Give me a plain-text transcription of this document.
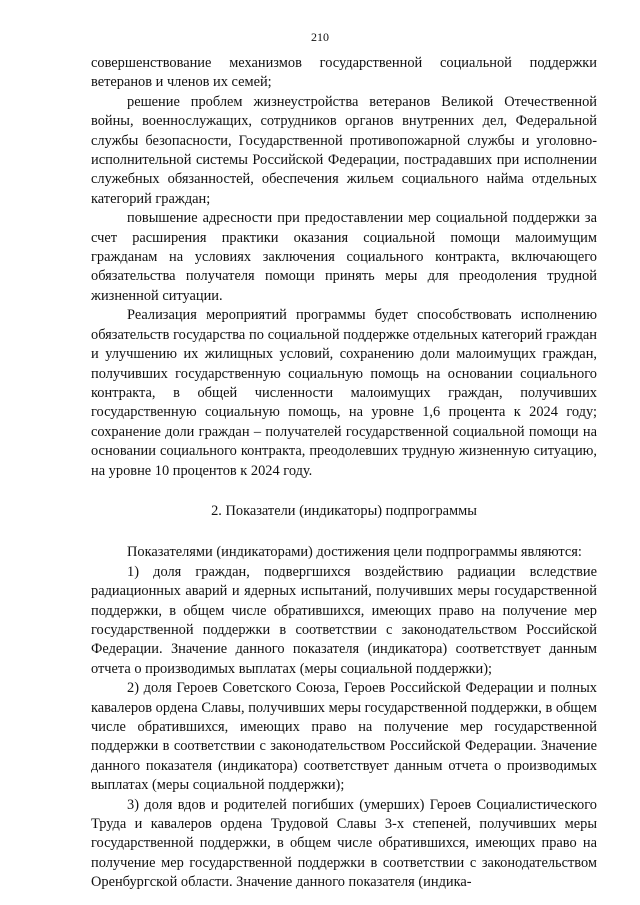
210

совершенствование механизмов государственной социальной поддержки ветеранов и членов их семей;

решение проблем жизнеустройства ветеранов Великой Отечественной войны, военнослужащих, сотрудников органов внутренних дел, Федеральной службы безопасности, Государственной противопожарной службы и уголовно-исполнительной системы Российской Федерации, пострадавших при исполнении служебных обязанностей, обеспечения жильем социального найма отдельных категорий граждан;

повышение адресности при предоставлении мер социальной поддержки за счет расширения практики оказания социальной помощи малоимущим гражданам на условиях заключения социального контракта, включающего обязательства получателя помощи принять меры для преодоления трудной жизненной ситуации.

Реализация мероприятий программы будет способствовать исполнению обязательств государства по социальной поддержке отдельных категорий граждан и улучшению их жилищных условий, сохранению доли малоимущих граждан, получивших государственную социальную помощь на основании социального контракта, в общей численности малоимущих граждан, получивших государственную социальную помощь, на уровне 1,6 процента к 2024 году; сохранение доли граждан – получателей государственной социальной помощи на основании социального контракта, преодолевших трудную жизненную ситуацию, на уровне 10 процентов к 2024 году.

2. Показатели (индикаторы) подпрограммы

Показателями (индикаторами) достижения цели подпрограммы являются:

1) доля граждан, подвергшихся воздействию радиации вследствие радиационных аварий и ядерных испытаний, получивших меры государственной поддержки, в общем числе обратившихся, имеющих право на получение мер государственной поддержки в соответствии с законодательством Российской Федерации. Значение данного показателя (индикатора) соответствует данным отчета о производимых выплатах (меры социальной поддержки);

2) доля Героев Советского Союза, Героев Российской Федерации и полных кавалеров ордена Славы, получивших меры государственной поддержки, в общем числе обратившихся, имеющих право на получение мер государственной поддержки в соответствии с законодательством Российской Федерации. Значение данного показателя (индикатора) соответствует данным отчета о производимых выплатах (меры социальной поддержки);

3) доля вдов и родителей погибших (умерших) Героев Социалистического Труда и кавалеров ордена Трудовой Славы 3-х степеней, получивших меры государственной поддержки, в общем числе обратившихся, имеющих право на получение мер государственной поддержки в соответствии с законодательством Оренбургской области. Значение данного показателя (индика-
